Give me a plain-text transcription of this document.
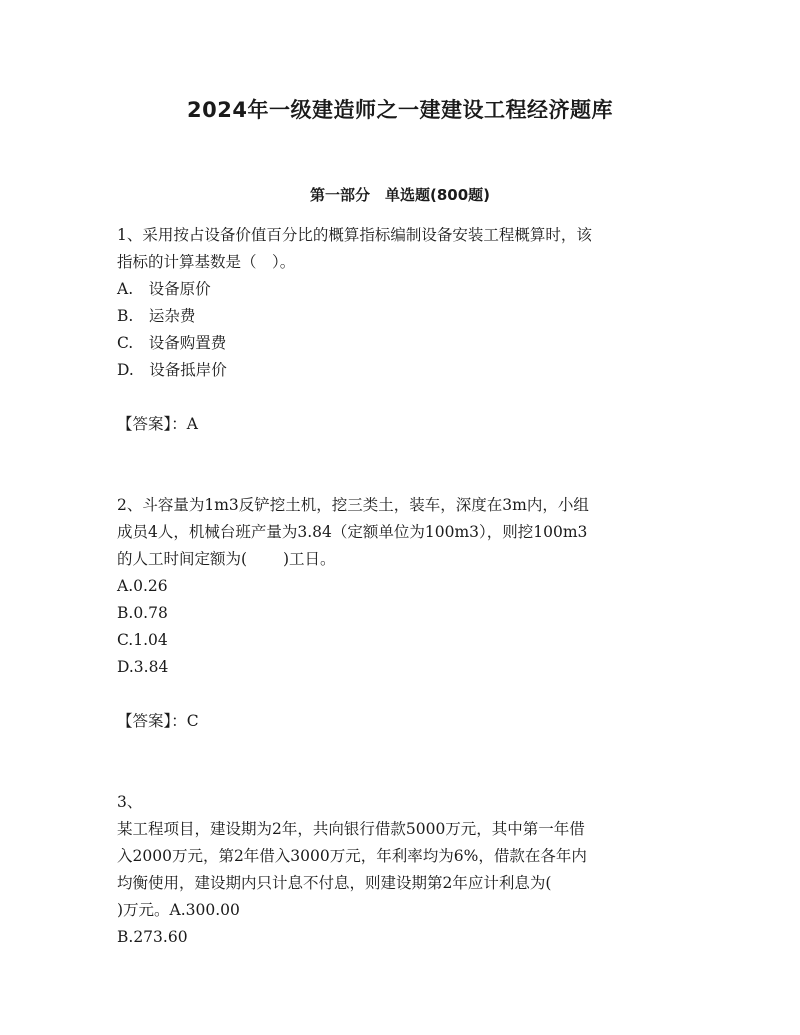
2024年一级建造师之一建建设工程经济题库
第一部分　单选题(800题)

1、采用按占设备价值百分比的概算指标编制设备安装工程概算时，该

指标的计算基数是（　）。

A.　设备原价

B.　运杂费

C.　设备购置费

D.　设备抵岸价

【答案】：A

2、斗容量为1m3反铲挖土机，挖三类土，装车，深度在3m内，小组

成员4人，机械台班产量为3.84（定额单位为100m3），则挖100m3

的人工时间定额为(　　 )工日。

A.0.26

B.0.78

C.1.04

D.3.84

【答案】：C

3、

某工程项目，建设期为2年，共向银行借款5000万元，其中第一年借

入2000万元，第2年借入3000万元，年利率均为6%，借款在各年内

均衡使用，建设期内只计息不付息，则建设期第2年应计利息为(

)万元。A.300.00

B.273.60
